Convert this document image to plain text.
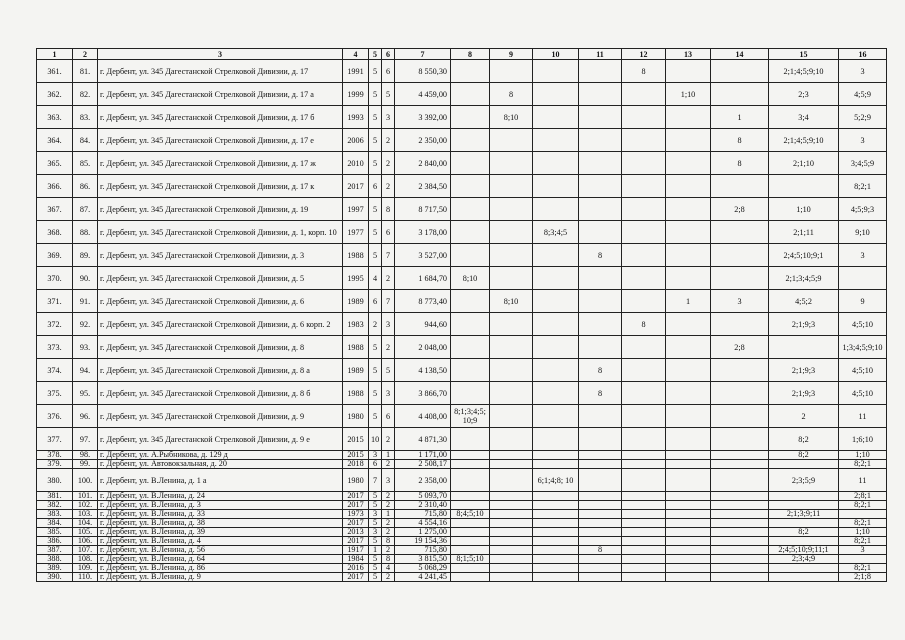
1	2	3	4	5	6	7	8	9	10	11	12	13	14	15	16
361.	81.	г. Дербент, ул. 345 Дагестанской Стрелковой Дивизии, д. 17	1991	5	6	8 550,30					8			2;1;4;5;9;10	3
362.	82.	г. Дербент, ул. 345 Дагестанской Стрелковой Дивизии, д. 17 а	1999	5	5	4 459,00		8				1;10		2;3	4;5;9
363.	83.	г. Дербент, ул. 345 Дагестанской Стрелковой Дивизии, д. 17 б	1993	5	3	3 392,00		8;10					1	3;4	5;2;9
364.	84.	г. Дербент, ул. 345 Дагестанской Стрелковой Дивизии, д. 17 е	2006	5	2	2 350,00							8	2;1;4;5;9;10	3
365.	85.	г. Дербент, ул. 345 Дагестанской Стрелковой Дивизии, д. 17 ж	2010	5	2	2 840,00							8	2;1;10	3;4;5;9
366.	86.	г. Дербент, ул. 345 Дагестанской Стрелковой Дивизии, д. 17 к	2017	6	2	2 384,50									8;2;1
367.	87.	г. Дербент, ул. 345 Дагестанской Стрелковой Дивизии, д. 19	1997	5	8	8 717,50							2;8	1;10	4;5;9;3
368.	88.	г. Дербент, ул. 345 Дагестанской Стрелковой Дивизии, д. 1, корп. 10	1977	5	6	3 178,00			8;3;4;5					2;1;11	9;10
369.	89.	г. Дербент, ул. 345 Дагестанской Стрелковой Дивизии, д. 3	1988	5	7	3 527,00				8				2;4;5;10;9;1	3
370.	90.	г. Дербент, ул. 345 Дагестанской Стрелковой Дивизии, д. 5	1995	4	2	1 684,70	8;10							2;1;3;4;5;9	
371.	91.	г. Дербент, ул. 345 Дагестанской Стрелковой Дивизии, д. 6	1989	6	7	8 773,40		8;10				1	3	4;5;2	9
372.	92.	г. Дербент, ул. 345 Дагестанской Стрелковой Дивизии, д. 6 корп. 2	1983	2	3	944,60					8			2;1;9;3	4;5;10
373.	93.	г. Дербент, ул. 345 Дагестанской Стрелковой Дивизии, д. 8	1988	5	2	2 048,00							2;8		1;3;4;5;9;10
374.	94.	г. Дербент, ул. 345 Дагестанской Стрелковой Дивизии, д. 8 а	1989	5	5	4 138,50				8				2;1;9;3	4;5;10
375.	95.	г. Дербент, ул. 345 Дагестанской Стрелковой Дивизии, д. 8 б	1988	5	3	3 866,70				8				2;1;9;3	4;5;10
376.	96.	г. Дербент, ул. 345 Дагестанской Стрелковой Дивизии, д. 9	1980	5	6	4 408,00	8;1;3;4;5; 10;9							2	11
377.	97.	г. Дербент, ул. 345 Дагестанской Стрелковой Дивизии, д. 9 е	2015	10	2	4 871,30								8;2	1;6;10
378.	98.	г. Дербент, ул. А.Рыбникова, д. 129 д	2015	3	1	1 171,00								8;2	1;10
379.	99.	г. Дербент, ул. Автовокзальная, д. 20	2018	6	2	2 508,17									8;2;1
380.	100.	г. Дербент, ул. В.Ленина, д. 1 а	1980	7	3	2 358,00			6;1;4;8; 10					2;3;5;9	11
381.	101.	г. Дербент, ул. В.Ленина, д. 24	2017	5	2	5 093,70									2;8;1
382.	102.	г. Дербент, ул. В.Ленина, д. 3	2017	5	2	2 310,40									8;2;1
383.	103.	г. Дербент, ул. В.Ленина, д. 33	1973	3	1	715,80	8;4;5;10							2;1;3;9;11	
384.	104.	г. Дербент, ул. В.Ленина, д. 38	2017	5	2	4 554,16									8;2;1
385.	105.	г. Дербент, ул. В.Ленина, д. 39	2013	3	2	1 275,00								8;2	1;10
386.	106.	г. Дербент, ул. В.Ленина, д. 4	2017	5	8	19 154,36									8;2;1
387.	107.	г. Дербент, ул. В.Ленина, д. 56	1917	1	2	715,80				8				2;4;5;10;9;11;1	3
388.	108.	г. Дербент, ул. В.Ленина, д. 64	1984	5	8	3 815,50	8;1;5;10							2;3;4;9	
389.	109.	г. Дербент, ул. В.Ленина, д. 86	2016	5	4	5 068,29									8;2;1
390.	110.	г. Дербент, ул. В.Ленина, д. 9	2017	5	2	4 241,45									2;1;8
